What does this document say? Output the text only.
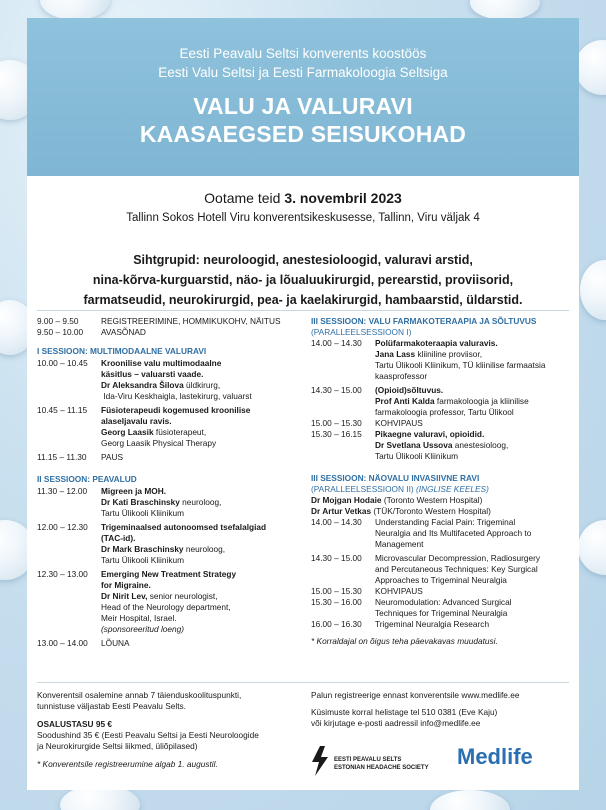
Eesti Peavalu Seltsi konverents koostöös
Eesti Valu Seltsi ja Eesti Farmakoloogia Seltsiga
VALU JA VALURAVI
KAASAEGSED SEISUKOHAD
Ootame teid 3. novembril 2023
Tallinn Sokos Hotell Viru konverentsikeskusesse, Tallinn, Viru väljak 4
Sihtgrupid: neuroloogid, anestesioloogid, valuravi arstid,
nina-kõrva-kurguarstid, näo- ja lõualuukirurgid, perearstid, proviisorid,
farmatseudid, neurokirurgid, pea- ja kaelakirurgid, hambaarstid, üldarstid.
9.00 – 9.50	REGISTREERIMINE, HOMMIKUKOHV, NÄITUS
9.50 – 10.00	AVASÕNAD
I SESSIOON: MULTIMODAALNE VALURAVI
10.00 – 10.45	Kroonilise valu multimodaalne
käsitlus – valuarsti vaade.
Dr Aleksandra Šilova üldkirurg,
Ida-Viru Keskhaigla, lastekirurg, valuarst
10.45 – 11.15	Füsioterapeudi kogemused kroonilise
alaseljavalu ravis.
Georg Laasik füsioterapeut,
Georg Laasik Physical Therapy
11.15 – 11.30	PAUS
II SESSIOON: PEAVALUD
11.30 – 12.00	Migreen ja MOH.
Dr Kati Braschinsky neuroloog,
Tartu Ülikooli Kliinikum
12.00 – 12.30	Trigeminaalsed autonoomsed tsefalalgiad
(TAC-id).
Dr Mark Braschinsky neuroloog,
Tartu Ülikooli Kliinikum
12.30 – 13.00	Emerging New Treatment Strategy
for Migraine.
Dr Nirit Lev, senior neurologist,
Head of the Neurology department,
Meir Hospital, Israel.
(sponsoreeritud loeng)
13.00 – 14.00	LÕUNA
III SESSIOON: VALU FARMAKOTERAAPIA JA SÕLTUVUS
(PARALLEELSESSIOON I)
14.00 – 14.30	Polüfarmakoteraapia valuravis.
Jana Lass kliiniline proviisor,
Tartu Ülikooli Kliinikum, TÜ kliinilise farmaatsia
kaasprofessor
14.30 – 15.00	(Opioid)sõltuvus.
Prof Anti Kalda farmakoloogia ja kliinilise
farmakoloogia professor, Tartu Ülikool
15.00 – 15.30	KOHVIPAUS
15.30 – 16.15	Pikaegne valuravi, opioidid.
Dr Svetlana Ussova anestesioloog,
Tartu Ülikooli Kliinikum
III SESSIOON: NÄOVALU INVASIIVNE RAVI
(PARALLEELSESSIOON II) (INGLISE KEELES)
Dr Mojgan Hodaie (Toronto Western Hospital)
Dr Artur Vetkas (TÜK/Toronto Western Hospital)
14.00 – 14.30	Understanding Facial Pain: Trigeminal
Neuralgia and Its Multifaceted Approach to
Management
14.30 – 15.00	Microvascular Decompression, Radiosurgery
and Percutaneous Techniques: Key Surgical
Approaches to Trigeminal Neuralgia
15.00 – 15.30	KOHVIPAUS
15.30 – 16.00	Neuromodulation: Advanced Surgical
Techniques for Trigeminal Neuralgia
16.00 – 16.30	Trigeminal Neuralgia Research
* Korraldajal on õigus teha päevakavas muudatusi.
Konverentsil osalemine annab 7 täienduskoolituspunkti,
tunnistuse väljastab Eesti Peavalu Selts.
OSALUSTASU 95 €
Soodushind 35 € (Eesti Peavalu Seltsi ja Eesti Neuroloogide
ja Neurokirurgide Seltsi liikmed, üliõpilased)
* Konverentsile registreerumine algab 1. augustil.
Palun registreerige ennast konverentsile www.medlife.ee
Küsimuste korral helistage tel 510 0381 (Eve Kaju)
või kirjutage e-posti aadressil info@medlife.ee
EESTI PEAVALU SELTS
ESTONIAN HEADACHE SOCIETY Medlife
